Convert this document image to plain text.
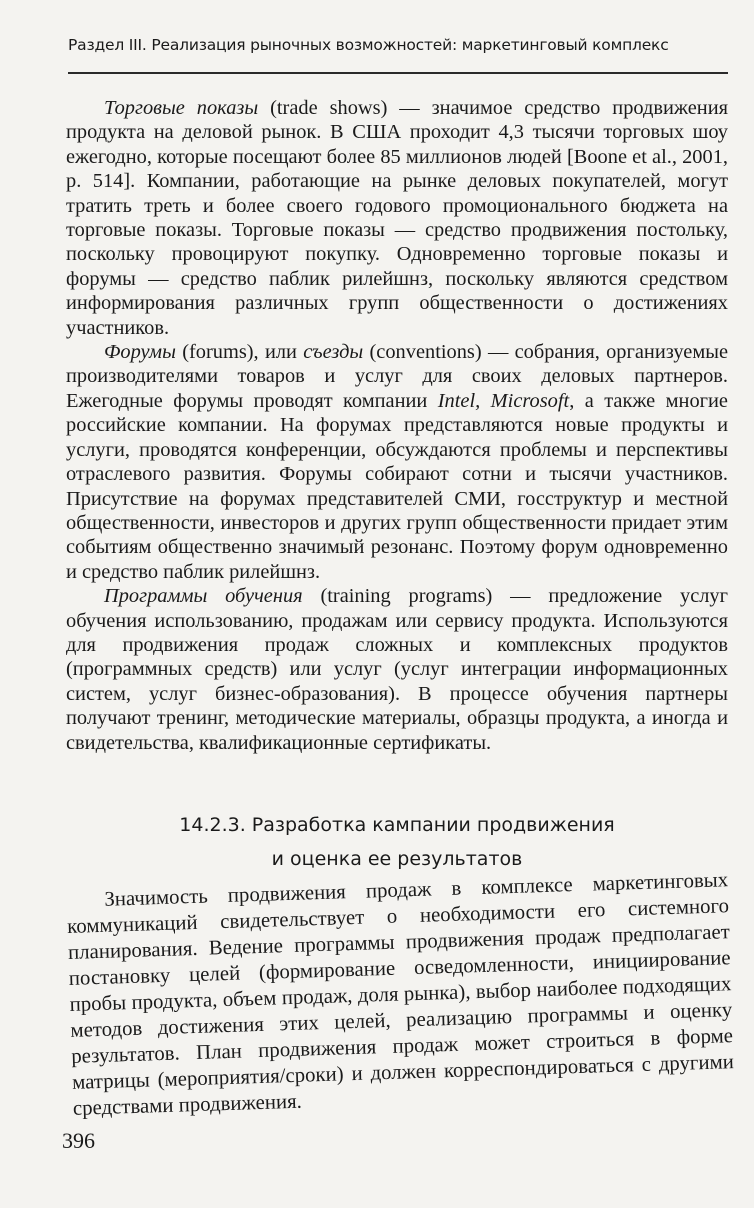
Раздел III. Реализация рыночных возможностей: маркетинговый комплекс

Торговые показы (trade shows) — значимое средство продвижения продукта на деловой рынок. В США проходит 4,3 тысячи торговых шоу ежегодно, которые посещают более 85 миллионов людей [Boone et al., 2001, p. 514]. Компании, работающие на рынке деловых покупателей, могут тратить треть и более своего годового промоционального бюджета на торговые показы. Торговые показы — средство продвижения постольку, поскольку провоцируют покупку. Одновременно торговые показы и форумы — средство паблик рилейшнз, поскольку являются средством информирования различных групп общественности о достижениях участников.

Форумы (forums), или съезды (conventions) — собрания, организуемые производителями товаров и услуг для своих деловых партнеров. Ежегодные форумы проводят компании Intel, Microsoft, а также многие российские компании. На форумах представляются новые продукты и услуги, проводятся конференции, обсуждаются проблемы и перспективы отраслевого развития. Форумы собирают сотни и тысячи участников. Присутствие на форумах представителей СМИ, госструктур и местной общественности, инвесторов и других групп общественности придает этим событиям общественно значимый резонанс. Поэтому форум одновременно и средство паблик рилейшнз.

Программы обучения (training programs) — предложение услуг обучения использованию, продажам или сервису продукта. Используются для продвижения продаж сложных и комплексных продуктов (программных средств) или услуг (услуг интеграции информационных систем, услуг бизнес-образования). В процессе обучения партнеры получают тренинг, методические материалы, образцы продукта, а иногда и свидетельства, квалификационные сертификаты.

14.2.3. Разработка кампании продвижения
и оценка ее результатов

Значимость продвижения продаж в комплексе маркетинговых коммуникаций свидетельствует о необходимости его системного планирования. Ведение программы продвижения продаж предполагает постановку целей (формирование осведомленности, инициирование пробы продукта, объем продаж, доля рынка), выбор наиболее подходящих методов достижения этих целей, реализацию программы и оценку результатов. План продвижения продаж может строиться в форме матрицы (мероприятия/сроки) и должен корреспондироваться с другими средствами продвижения.

396
